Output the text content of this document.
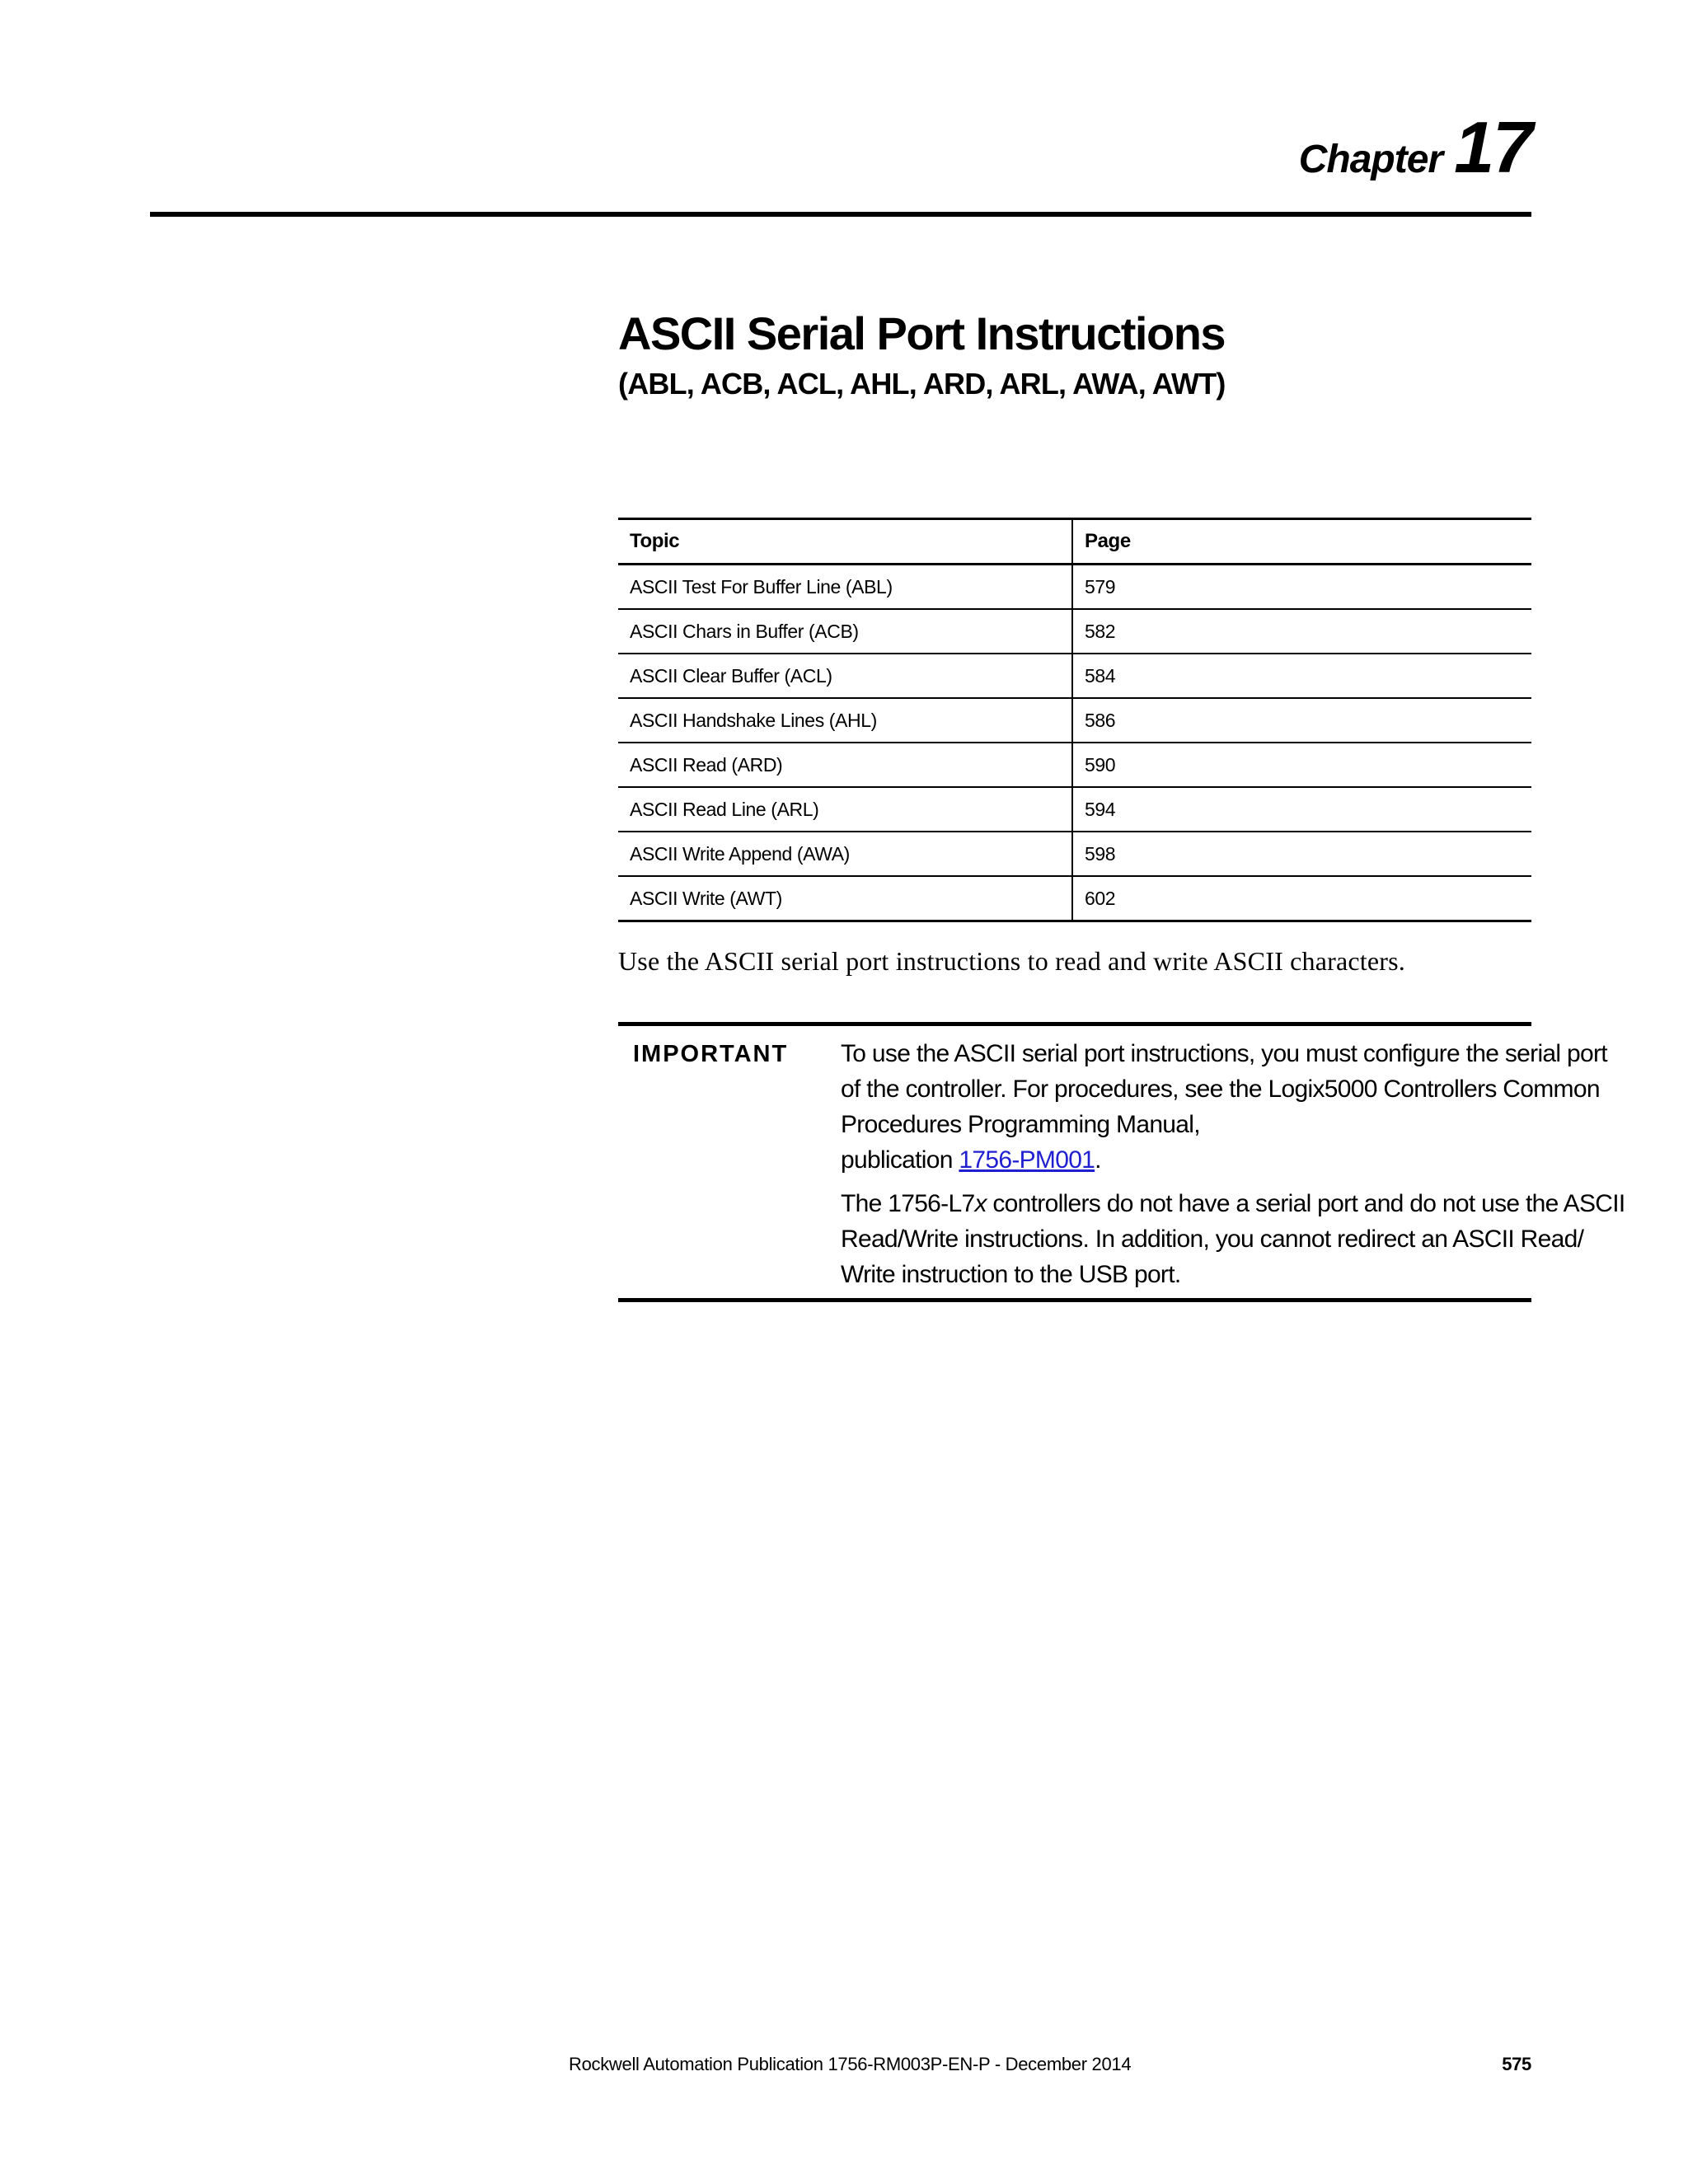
Chapter 17
ASCII Serial Port Instructions
(ABL, ACB, ACL, AHL, ARD, ARL, AWA, AWT)
Topic	Page
ASCII Test For Buffer Line (ABL)	579
ASCII Chars in Buffer (ACB)	582
ASCII Clear Buffer (ACL)	584
ASCII Handshake Lines (AHL)	586
ASCII Read (ARD)	590
ASCII Read Line (ARL)	594
ASCII Write Append (AWA)	598
ASCII Write (AWT)	602
Use the ASCII serial port instructions to read and write ASCII characters.
IMPORTANT To use the ASCII serial port instructions, you must configure the serial port
of the controller. For procedures, see the Logix5000 Controllers Common
Procedures Programming Manual,
publication 1756-PM001.

The 1756-L7x controllers do not have a serial port and do not use the ASCII
Read/Write instructions. In addition, you cannot redirect an ASCII Read/
Write instruction to the USB port.

Rockwell Automation Publication 1756-RM003P-EN-P - December 2014	575
